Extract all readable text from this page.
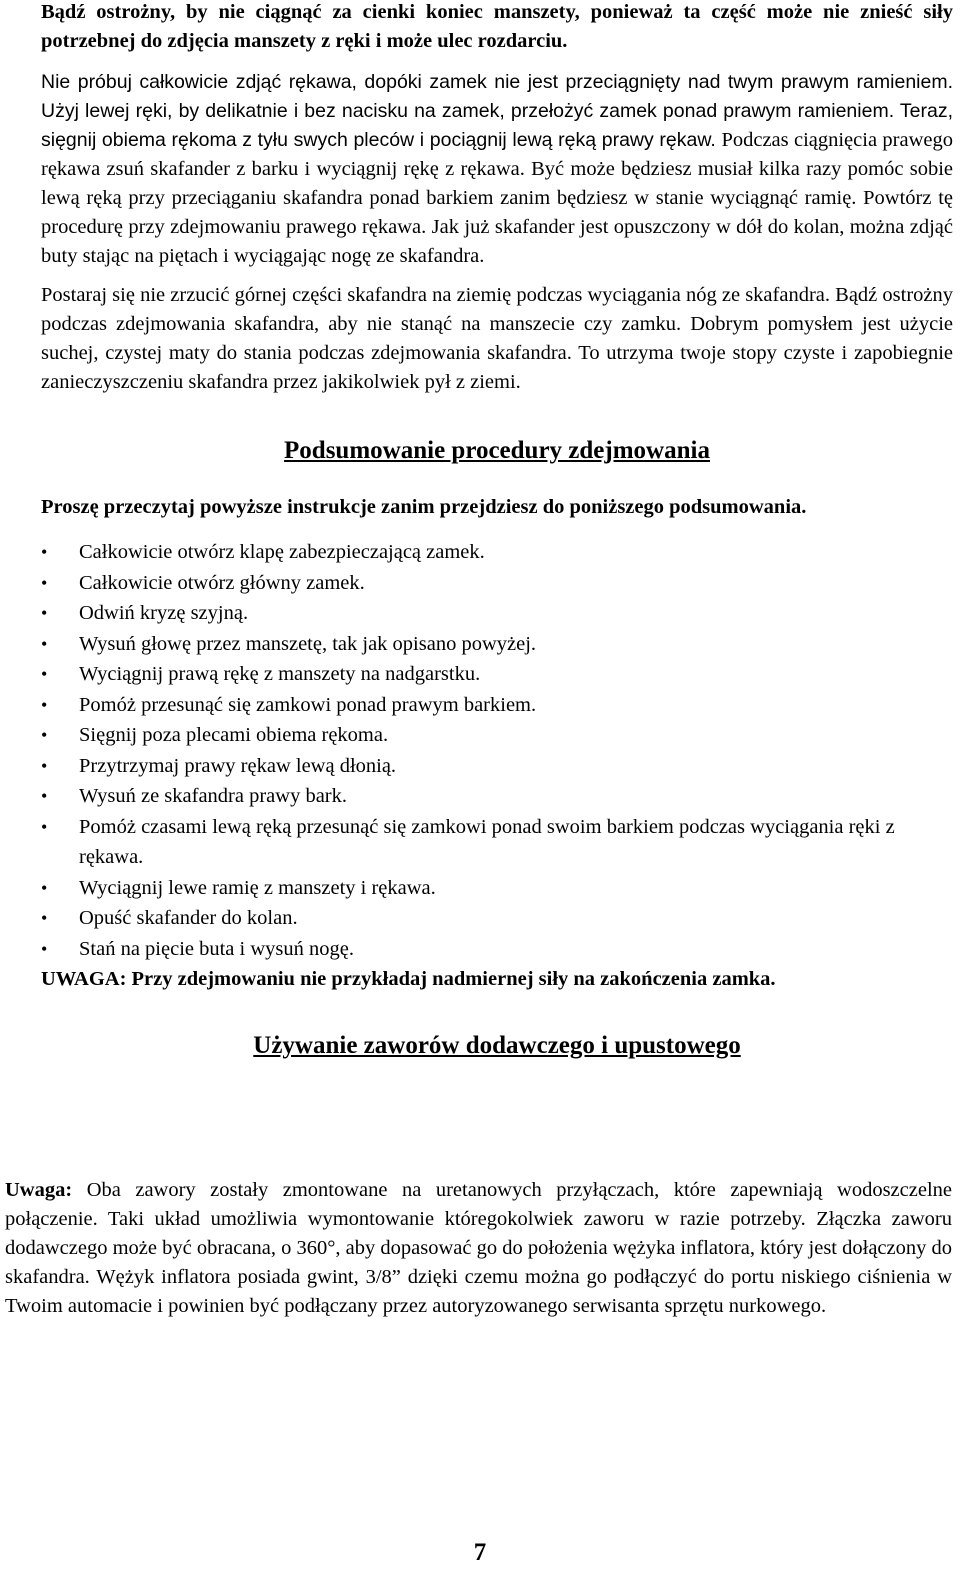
Bądź ostrożny, by nie ciągnąć za cienki koniec manszety, ponieważ ta część może nie znieść siły potrzebnej do zdjęcia manszety z ręki i może ulec rozdarciu.

Nie próbuj całkowicie zdjąć rękawa, dopóki zamek nie jest przeciągnięty nad twym prawym ramieniem. Użyj lewej ręki, by delikatnie i bez nacisku na zamek, przełożyć zamek ponad prawym ramieniem. Teraz, sięgnij obiema rękoma z tyłu swych pleców i pociągnij lewą ręką prawy rękaw. Podczas ciągnięcia prawego rękawa zsuń skafander z barku i wyciągnij rękę z rękawa. Być może będziesz musiał kilka razy pomóc sobie lewą ręką przy przeciąganiu skafandra ponad barkiem zanim będziesz w stanie wyciągnąć ramię. Powtórz tę procedurę przy zdejmowaniu prawego rękawa. Jak już skafander jest opuszczony w dół do kolan, można zdjąć buty stając na piętach i wyciągając nogę ze skafandra.

Postaraj się nie zrzucić górnej części skafandra na ziemię podczas wyciągania nóg ze skafandra. Bądź ostrożny podczas zdejmowania skafandra, aby nie stanąć na manszecie czy zamku. Dobrym pomysłem jest użycie suchej, czystej maty do stania podczas zdejmowania skafandra. To utrzyma twoje stopy czyste i zapobiegnie zanieczyszczeniu skafandra przez jakikolwiek pył z ziemi.

Podsumowanie procedury zdejmowania

Proszę przeczytaj powyższe instrukcje zanim przejdziesz do poniższego podsumowania.

• Całkowicie otwórz klapę zabezpieczającą zamek.
• Całkowicie otwórz główny zamek.
• Odwiń kryzę szyjną.
• Wysuń głowę przez manszetę, tak jak opisano powyżej.
• Wyciągnij prawą rękę z manszety na nadgarstku.
• Pomóż przesunąć się zamkowi ponad prawym barkiem.
• Sięgnij poza plecami obiema rękoma.
• Przytrzymaj prawy rękaw lewą dłonią.
• Wysuń ze skafandra prawy bark.
• Pomóż czasami lewą ręką przesunąć się zamkowi ponad swoim barkiem podczas wyciągania ręki z rękawa.
• Wyciągnij lewe ramię z manszety i rękawa.
• Opuść skafander do kolan.
• Stań na pięcie buta i wysuń nogę.

UWAGA: Przy zdejmowaniu nie przykładaj nadmiernej siły na zakończenia zamka.

Używanie zaworów dodawczego i upustowego

Uwaga: Oba zawory zostały zmontowane na uretanowych przyłączach, które zapewniają wodoszczelne połączenie. Taki układ umożliwia wymontowanie któregokolwiek zaworu w razie potrzeby. Złączka zaworu dodawczego może być obracana, o 360°, aby dopasować go do położenia wężyka inflatora, który jest dołączony do skafandra. Wężyk inflatora posiada gwint, 3/8” dzięki czemu można go podłączyć do portu niskiego ciśnienia w Twoim automacie i powinien być podłączany przez autoryzowanego serwisanta sprzętu nurkowego.

7
